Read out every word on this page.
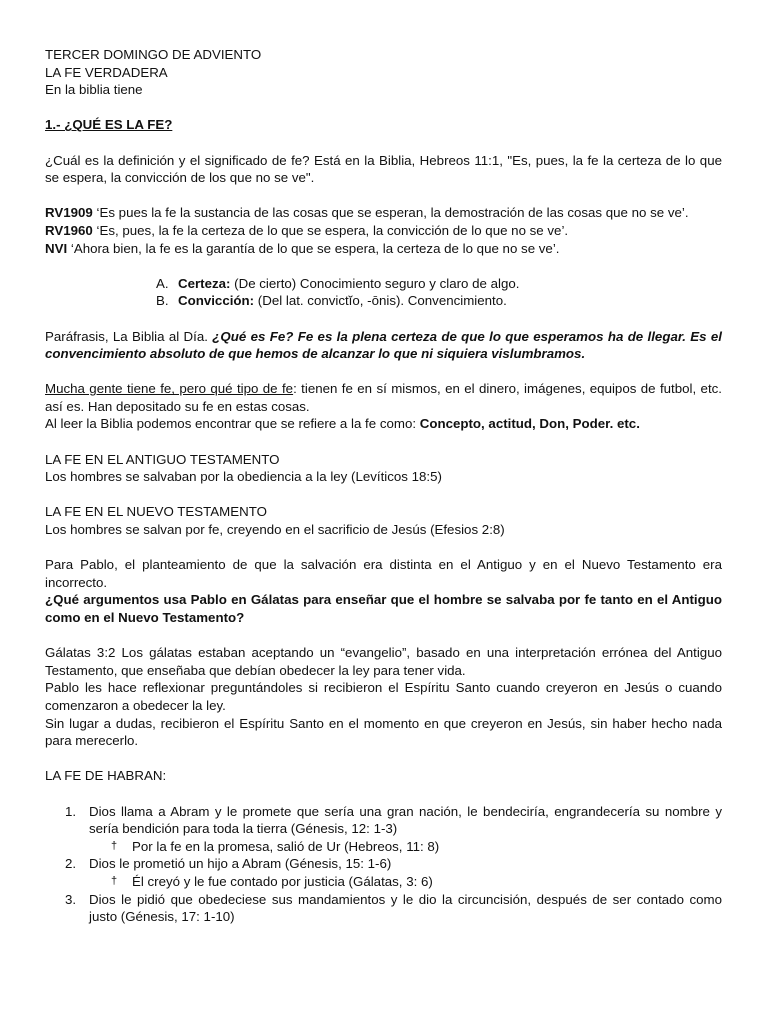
TERCER DOMINGO DE ADVIENTO

LA FE VERDADERA

En la biblia tiene

1.- ¿QUÉ ES LA FE?

¿Cuál es la definición y el significado de fe? Está en la Biblia, Hebreos 11:1, "Es, pues, la fe la certeza de lo que se espera, la convicción de los que no se ve".

RV1909 ‘Es pues la fe la sustancia de las cosas que se esperan, la demostración de las cosas que no se ve’.

RV1960 ‘Es, pues, la fe la certeza de lo que se espera, la convicción de lo que no se ve’.

NVI ‘Ahora bien, la fe es la garantía de lo que se espera, la certeza de lo que no se ve’.

A. Certeza: (De cierto) Conocimiento seguro y claro de algo.
B. Convicción: (Del lat. convictĭo, -ōnis). Convencimiento.

Paráfrasis, La Biblia al Día. ¿Qué es Fe? Fe es la plena certeza de que lo que esperamos ha de llegar. Es el convencimiento absoluto de que hemos de alcanzar lo que ni siquiera vislumbramos.

Mucha gente tiene fe, pero qué tipo de fe: tienen fe en sí mismos, en el dinero, imágenes, equipos de futbol, etc. así es. Han depositado su fe en estas cosas.

Al leer la Biblia podemos encontrar que se refiere a la fe como: Concepto, actitud, Don, Poder. etc.

LA FE EN EL ANTIGUO TESTAMENTO

Los hombres se salvaban por la obediencia a la ley (Levíticos 18:5)

LA FE EN EL NUEVO TESTAMENTO

Los hombres se salvan por fe, creyendo en el sacrificio de Jesús (Efesios 2:8)

Para Pablo, el planteamiento de que la salvación era distinta en el Antiguo y en el Nuevo Testamento era incorrecto.

¿Qué argumentos usa Pablo en Gálatas para enseñar que el hombre se salvaba por fe tanto en el Antiguo como en el Nuevo Testamento?

Gálatas 3:2 Los gálatas estaban aceptando un “evangelio”, basado en una interpretación errónea del Antiguo Testamento, que enseñaba que debían obedecer la ley para tener vida.

Pablo les hace reflexionar preguntándoles si recibieron el Espíritu Santo cuando creyeron en Jesús o cuando comenzaron a obedecer la ley.

Sin lugar a dudas, recibieron el Espíritu Santo en el momento en que creyeron en Jesús, sin haber hecho nada para merecerlo.

LA FE DE HABRAN:

1. Dios llama a Abram y le promete que sería una gran nación, le bendeciría, engrandecería su nombre y sería bendición para toda la tierra (Génesis, 12: 1-3)
†	Por la fe en la promesa, salió de Ur (Hebreos, 11: 8)
2. Dios le prometió un hijo a Abram (Génesis, 15: 1-6)
†	Él creyó y le fue contado por justicia (Gálatas, 3: 6)
3. Dios le pidió que obedeciese sus mandamientos y le dio la circuncisión, después de ser contado como justo (Génesis, 17: 1-10)
